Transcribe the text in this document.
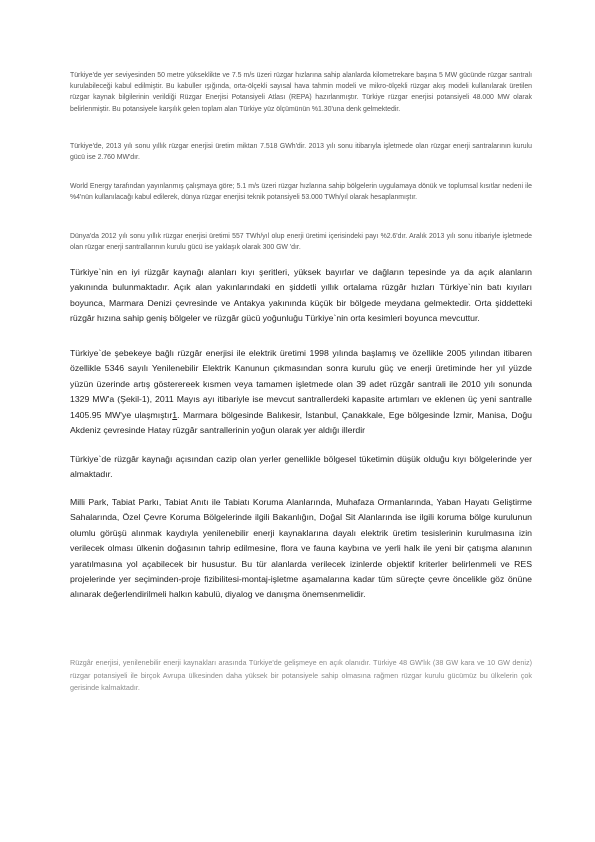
Türkiye'de yer seviyesinden 50 metre yükseklikte ve 7.5 m/s üzeri rüzgar hızlarına sahip alanlarda kilometrekare başına 5 MW gücünde rüzgar santralı kurulabileceği kabul edilmiştir. Bu kabuller ışığında, orta-ölçekli sayısal hava tahmin modeli ve mikro-ölçekli rüzgar akış modeli kullanılarak üretilen rüzgar kaynak bilgilerinin verildiği Rüzgar Enerjisi Potansiyeli Atlası (REPA) hazırlanmıştır. Türkiye rüzgar enerjisi potansiyeli 48.000 MW olarak belirlenmiştir. Bu potansiyele karşılık gelen toplam alan Türkiye yüz ölçümünün %1.30'una denk gelmektedir.

Türkiye'de, 2013 yılı sonu yıllık rüzgar enerjisi üretim miktarı 7.518 GWh'dir. 2013 yılı sonu itibarıyla işletmede olan rüzgar enerji santralarının kurulu gücü ise 2.760 MW'dır.

World Energy tarafından yayınlanmış çalışmaya göre; 5.1 m/s üzeri rüzgar hızlarına sahip bölgelerin uygulamaya dönük ve toplumsal kısıtlar nedeni ile %4'nün kullanılacağı kabul edilerek, dünya rüzgar enerjisi teknik potansiyeli 53.000 TWh/yıl olarak hesaplanmıştır.

Dünya'da 2012 yılı sonu yıllık rüzgar enerjisi üretimi 557 TWh/yıl olup enerji üretimi içerisindeki payı %2.6'dır. Aralık 2013 yılı sonu itibariyle işletmede olan rüzgar enerji santrallarının kurulu gücü ise yaklaşık olarak 300 GW 'dır.

Türkiye`nin en iyi rüzgâr kaynağı alanları kıyı şeritleri, yüksek bayırlar ve dağların tepesinde ya da açık alanların yakınında bulunmaktadır. Açık alan yakınlarındaki en şiddetli yıllık ortalama rüzgâr hızları Türkiye`nin batı kıyıları boyunca, Marmara Denizi çevresinde ve Antakya yakınında küçük bir bölgede meydana gelmektedir. Orta şiddetteki rüzgâr hızına sahip geniş bölgeler ve rüzgâr gücü yoğunluğu Türkiye`nin orta kesimleri boyunca mevcuttur.

Türkiye`de şebekeye bağlı rüzgâr enerjisi ile elektrik üretimi 1998 yılında başlamış ve özellikle 2005 yılından itibaren özellikle 5346 sayılı Yenilenebilir Elektrik Kanunun çıkmasından sonra kurulu güç ve enerji üretiminde her yıl yüzde yüzün üzerinde artış gösterereek kısmen veya tamamen işletmede olan 39 adet rüzgâr santrali ile 2010 yılı sonunda 1329 MW'a (Şekil-1), 2011 Mayıs ayı itibariyle ise mevcut santrallerdeki kapasite artımları ve eklenen üç yeni santralle 1405.95 MW'ye ulaşmıştır1. Marmara bölgesinde Balıkesir, İstanbul, Çanakkale, Ege bölgesinde İzmir, Manisa, Doğu Akdeniz çevresinde Hatay rüzgâr santrallerinin yoğun olarak yer aldığı illerdir

Türkiye`de rüzgâr kaynağı açısından cazip olan yerler genellikle bölgesel tüketimin düşük olduğu kıyı bölgelerinde yer almaktadır.

Milli Park, Tabiat Parkı, Tabiat Anıtı ile Tabiatı Koruma Alanlarında, Muhafaza Ormanlarında, Yaban Hayatı Geliştirme Sahalarında, Özel Çevre Koruma Bölgelerinde ilgili Bakanlığın, Doğal Sit Alanlarında ise ilgili koruma bölge kurulunun olumlu görüşü alınmak kaydıyla yenilenebilir enerji kaynaklarına dayalı elektrik üretim tesislerinin kurulmasına izin verilecek olması ülkenin doğasının tahrip edilmesine, flora ve fauna kaybına ve yerli halk ile yeni bir çatışma alanının yaratılmasına yol açabilecek bir husustur. Bu tür alanlarda verilecek izinlerde objektif kriterler belirlenmeli ve RES projelerinde yer seçiminden-proje fizibilitesi-montaj-işletme aşamalarına kadar tüm süreçte çevre öncelikle göz önüne alınarak değerlendirilmeli halkın kabulü, diyalog ve danışma önemsenmelidir.

Rüzgâr enerjisi, yenilenebilir enerji kaynakları arasında Türkiye'de gelişmeye en açık olanıdır. Türkiye 48 GW'lık (38 GW kara ve 10 GW deniz) rüzgar potansiyeli ile birçok Avrupa ülkesinden daha yüksek bir potansiyele sahip olmasına rağmen rüzgar kurulu gücümüz bu ülkelerin çok gerisinde kalmaktadır.
